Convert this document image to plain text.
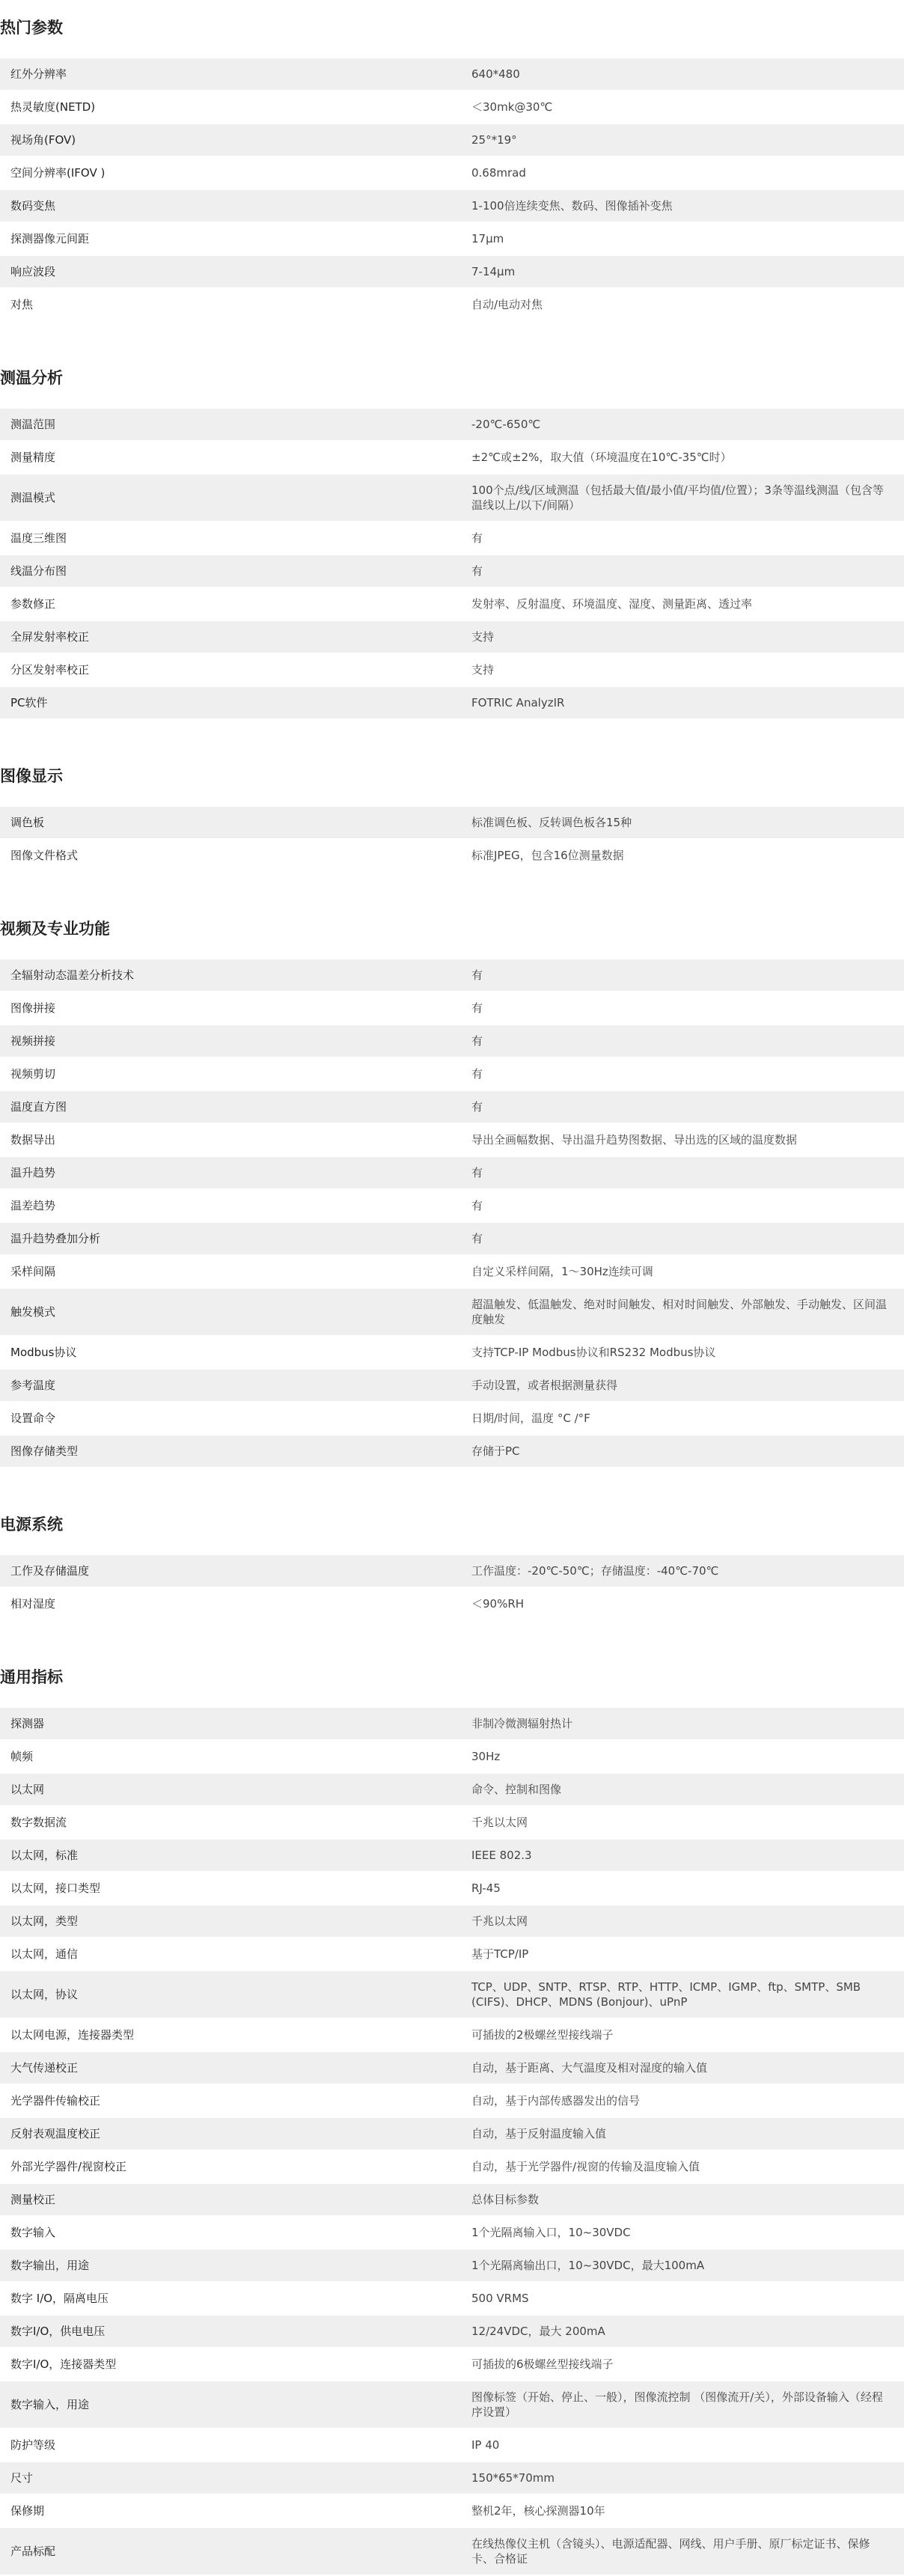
热门参数
红外分辨率	640*480
热灵敏度(NETD)	＜30mk@30℃
视场角(FOV)	25°*19°
空间分辨率(IFOV )	0.68mrad
数码变焦	1-100倍连续变焦、数码、图像插补变焦
探测器像元间距	17μm
响应波段	7-14μm
对焦	自动/电动对焦
测温分析
测温范围	-20℃-650℃
测量精度	±2℃或±2%，取大值（环境温度在10℃-35℃时）
测温模式	100个点/线/区域测温（包括最大值/最小值/平均值/位置）；3条等温线测温（包含等温线以上/以下/间隔）
温度三维图	有
线温分布图	有
参数修正	发射率、反射温度、环境温度、湿度、测量距离、透过率
全屏发射率校正	支持
分区发射率校正	支持
PC软件	FOTRIC AnalyzIR
图像显示
调色板	标准调色板、反转调色板各15种
图像文件格式	标准JPEG，包含16位测量数据
视频及专业功能
全辐射动态温差分析技术	有
图像拼接	有
视频拼接	有
视频剪切	有
温度直方图	有
数据导出	导出全画幅数据、导出温升趋势图数据、导出选的区域的温度数据
温升趋势	有
温差趋势	有
温升趋势叠加分析	有
采样间隔	自定义采样间隔，1～30Hz连续可调
触发模式	超温触发、低温触发、绝对时间触发、相对时间触发、外部触发、手动触发、区间温度触发
Modbus协议	支持TCP-IP Modbus协议和RS232 Modbus协议
参考温度	手动设置，或者根据测量获得
设置命令	日期/时间，温度 °C /°F
图像存储类型	存储于PC
电源系统
工作及存储温度	工作温度：-20℃-50℃；存储温度：-40℃-70℃
相对湿度	＜90%RH
通用指标
探测器	非制冷微测辐射热计
帧频	30Hz
以太网	命令、控制和图像
数字数据流	千兆以太网
以太网，标准	IEEE 802.3
以太网，接口类型	RJ-45
以太网，类型	千兆以太网
以太网，通信	基于TCP/IP
以太网，协议	TCP、UDP、SNTP、RTSP、RTP、HTTP、ICMP、IGMP、ftp、SMTP、SMB (CIFS)、DHCP、MDNS (Bonjour)、uPnP
以太网电源，连接器类型	可插拔的2极螺丝型接线端子
大气传递校正	自动，基于距离、大气温度及相对湿度的输入值
光学器件传输校正	自动，基于内部传感器发出的信号
反射表观温度校正	自动，基于反射温度输入值
外部光学器件/视窗校正	自动，基于光学器件/视窗的传输及温度输入值
测量校正	总体目标参数
数字输入	1个光隔离输入口，10~30VDC
数字输出，用途	1个光隔离输出口，10~30VDC，最大100mA
数字 I/O，隔离电压	500 VRMS
数字I/O，供电电压	12/24VDC，最大 200mA
数字I/O，连接器类型	可插拔的6极螺丝型接线端子
数字输入，用途	图像标签（开始、停止、一般），图像流控制 （图像流开/关），外部设备输入（经程序设置）
防护等级	IP 40
尺寸	150*65*70mm
保修期	整机2年，核心探测器10年
产品标配	在线热像仪主机（含镜头）、电源适配器、网线、用户手册、原厂标定证书、保修卡、合格证
